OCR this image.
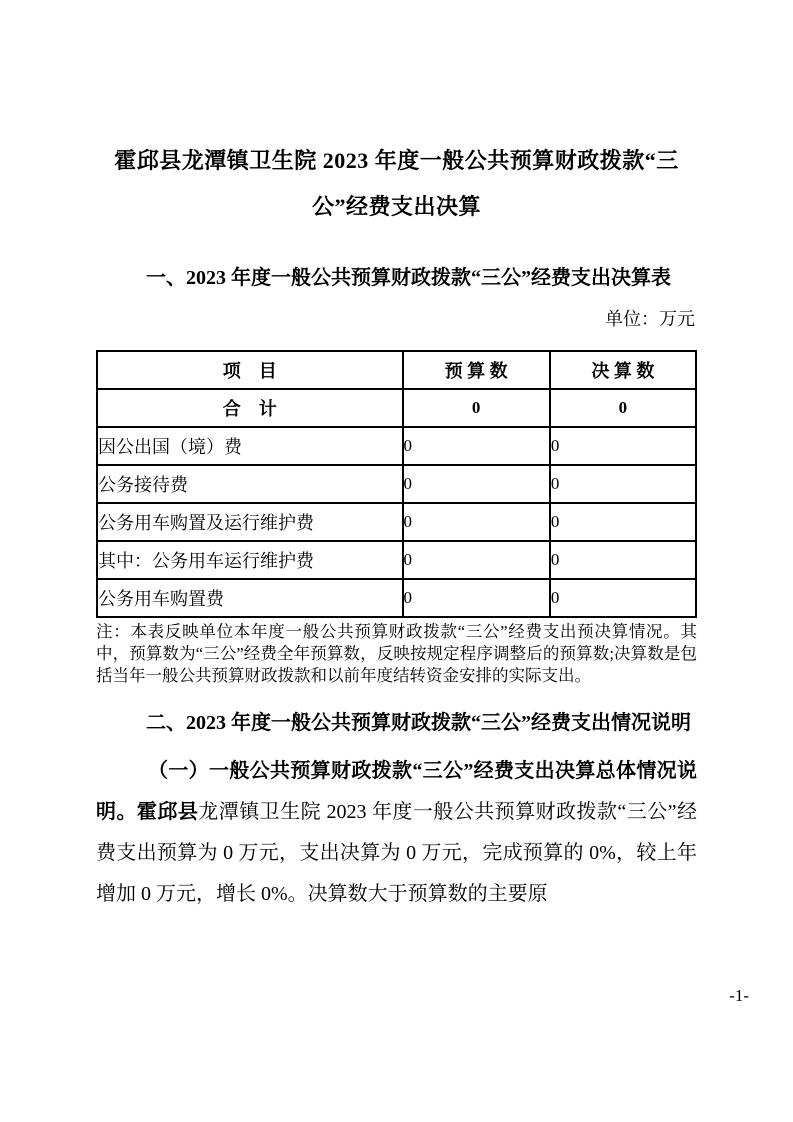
霍邱县龙潭镇卫生院 2023 年度一般公共预算财政拨款“三公”经费支出决算

一、2023 年度一般公共预算财政拨款“三公”经费支出决算表

单位：万元

项　目	预 算 数	决 算 数
合　计	0	0
因公出国（境）费	0	0
公务接待费	0	0
公务用车购置及运行维护费	0	0
其中：公务用车运行维护费	0	0
公务用车购置费	0	0

注：本表反映单位本年度一般公共预算财政拨款“三公”经费支出预决算情况。其中，预算数为“三公”经费全年预算数，反映按规定程序调整后的预算数;决算数是包括当年一般公共预算财政拨款和以前年度结转资金安排的实际支出。

二、2023 年度一般公共预算财政拨款“三公”经费支出情况说明

（一）一般公共预算财政拨款“三公”经费支出决算总体情况说明。霍邱县龙潭镇卫生院 2023 年度一般公共预算财政拨款“三公”经费支出预算为 0 万元，支出决算为 0 万元，完成预算的 0%，较上年增加 0 万元，增长 0%。决算数大于预算数的主要原

-1-
